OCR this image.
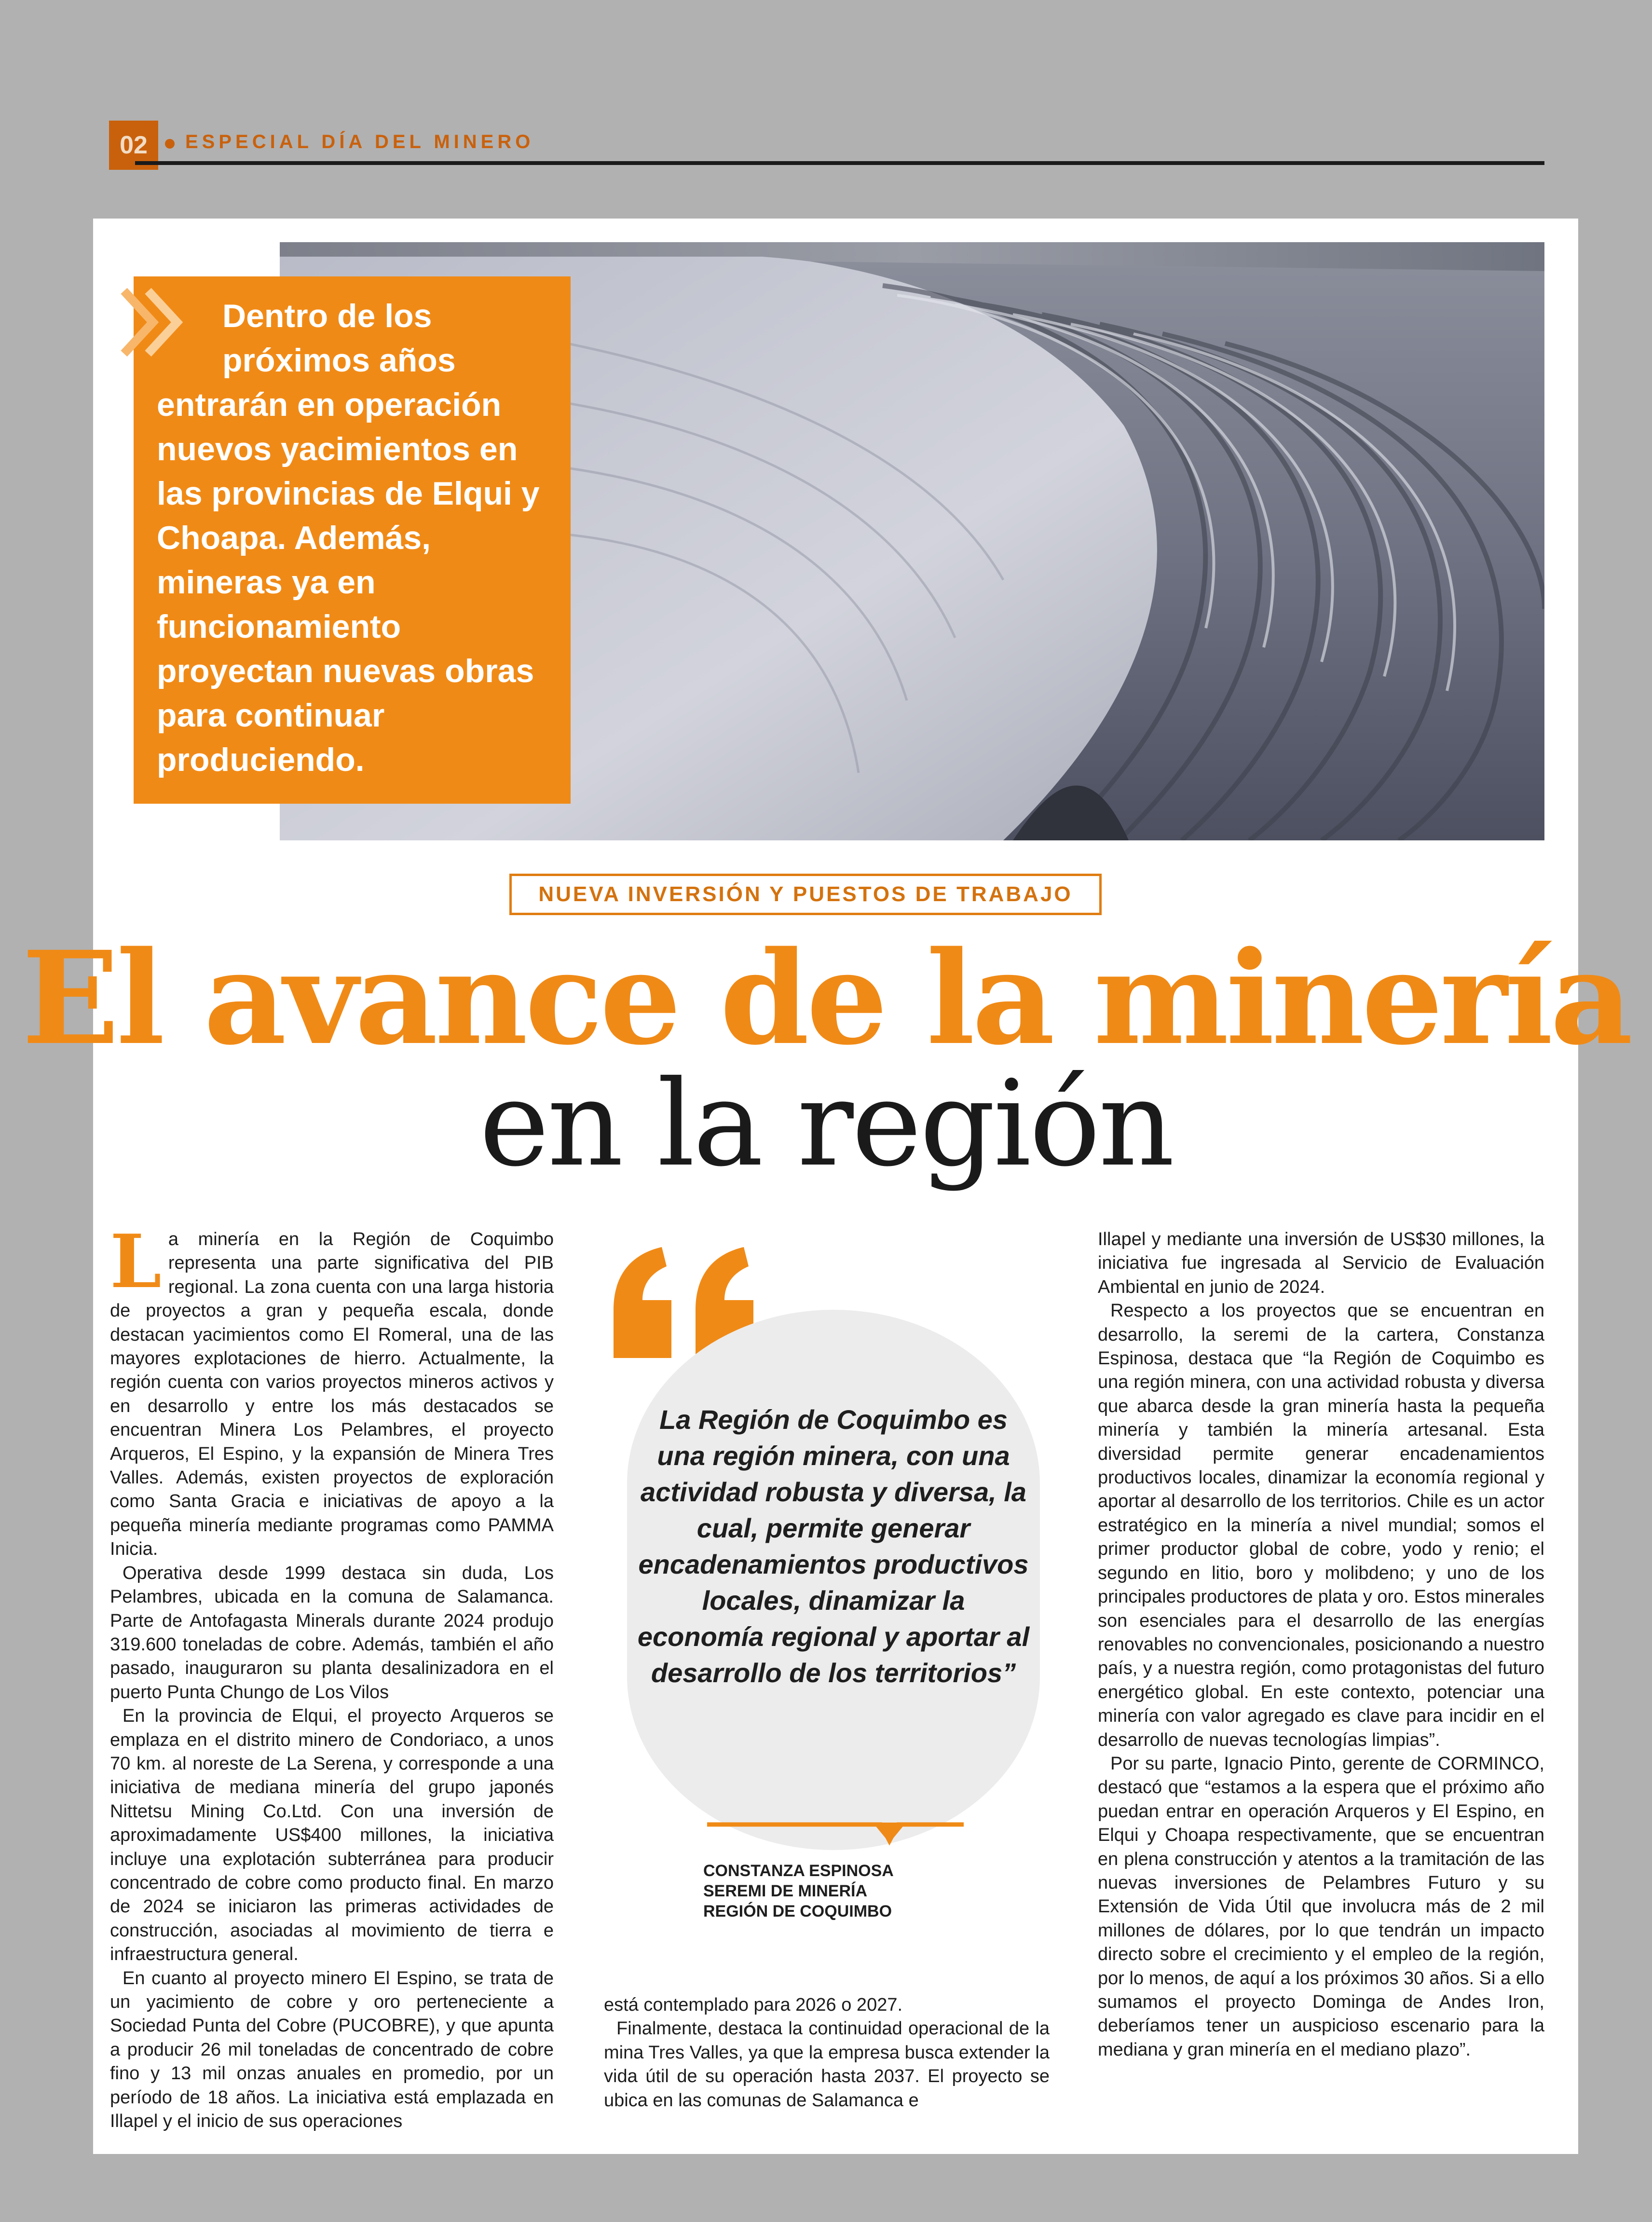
02	ESPECIAL DÍA DEL MINERO

Dentro de los
próximos años
entrarán en operación nuevos yacimientos en las provincias de Elqui y Choapa. Además, mineras ya en funcionamiento proyectan nuevas obras para continuar produciendo.

NUEVA INVERSIÓN Y PUESTOS DE TRABAJO
El avance de la minería
en la región

La minería en la Región de Coquimbo representa una parte significativa del PIB regional. La zona cuenta con una larga historia de proyectos a gran y pequeña escala, donde destacan yacimientos como El Romeral, una de las mayores explotaciones de hierro. Actualmente, la región cuenta con varios proyectos mineros activos y en desarrollo y entre los más destacados se encuentran Minera Los Pelambres, el proyecto Arqueros, El Espino, y la expansión de Minera Tres Valles. Además, existen proyectos de exploración como Santa Gracia e iniciativas de apoyo a la pequeña minería mediante programas como PAMMA Inicia.

Operativa desde 1999 destaca sin duda, Los Pelambres, ubicada en la comuna de Salamanca. Parte de Antofagasta Minerals durante 2024 produjo 319.600 toneladas de cobre. Además, también el año pasado, inauguraron su planta desalinizadora en el puerto Punta Chungo de Los Vilos

En la provincia de Elqui, el proyecto Arqueros se emplaza en el distrito minero de Condoriaco, a unos 70 km. al noreste de La Serena, y corresponde a una iniciativa de mediana minería del grupo japonés Nittetsu Mining Co.Ltd. Con una inversión de aproximadamente US$400 millones, la iniciativa incluye una explotación subterránea para producir concentrado de cobre como producto final. En marzo de 2024 se iniciaron las primeras actividades de construcción, asociadas al movimiento de tierra e infraestructura general.

En cuanto al proyecto minero El Espino, se trata de un yacimiento de cobre y oro perteneciente a Sociedad Punta del Cobre (PUCOBRE), y que apunta a producir 26 mil toneladas de concentrado de cobre fino y 13 mil onzas anuales en promedio, por un período de 18 años. La iniciativa está emplazada en Illapel y el inicio de sus operaciones

La Región de Coquimbo es una región minera, con una actividad robusta y diversa, la cual, permite generar encadenamientos productivos locales, dinamizar la economía regional y aportar al desarrollo de los territorios”

CONSTANZA ESPINOSA
SEREMI DE MINERÍA
REGIÓN DE COQUIMBO

está contemplado para 2026 o 2027.

Finalmente, destaca la continuidad operacional de la mina Tres Valles, ya que la empresa busca extender la vida útil de su operación hasta 2037. El proyecto se ubica en las comunas de Salamanca e

Illapel y mediante una inversión de US$30 millones, la iniciativa fue ingresada al Servicio de Evaluación Ambiental en junio de 2024.

Respecto a los proyectos que se encuentran en desarrollo, la seremi de la cartera, Constanza Espinosa, destaca que “la Región de Coquimbo es una región minera, con una actividad robusta y diversa que abarca desde la gran minería hasta la pequeña minería y también la minería artesanal. Esta diversidad permite generar encadenamientos productivos locales, dinamizar la economía regional y aportar al desarrollo de los territorios. Chile es un actor estratégico en la minería a nivel mundial; somos el primer productor global de cobre, yodo y renio; el segundo en litio, boro y molibdeno; y uno de los principales productores de plata y oro. Estos minerales son esenciales para el desarrollo de las energías renovables no convencionales, posicionando a nuestro país, y a nuestra región, como protagonistas del futuro energético global. En este contexto, potenciar una minería con valor agregado es clave para incidir en el desarrollo de nuevas tecnologías limpias”.

Por su parte, Ignacio Pinto, gerente de CORMINCO, destacó que “estamos a la espera que el próximo año puedan entrar en operación Arqueros y El Espino, en Elqui y Choapa respectivamente, que se encuentran en plena construcción y atentos a la tramitación de las nuevas inversiones de Pelambres Futuro y su Extensión de Vida Útil que involucra más de 2 mil millones de dólares, por lo que tendrán un impacto directo sobre el crecimiento y el empleo de la región, por lo menos, de aquí a los próximos 30 años. Si a ello sumamos el proyecto Dominga de Andes Iron, deberíamos tener un auspicioso escenario para la mediana y gran minería en el mediano plazo”.
